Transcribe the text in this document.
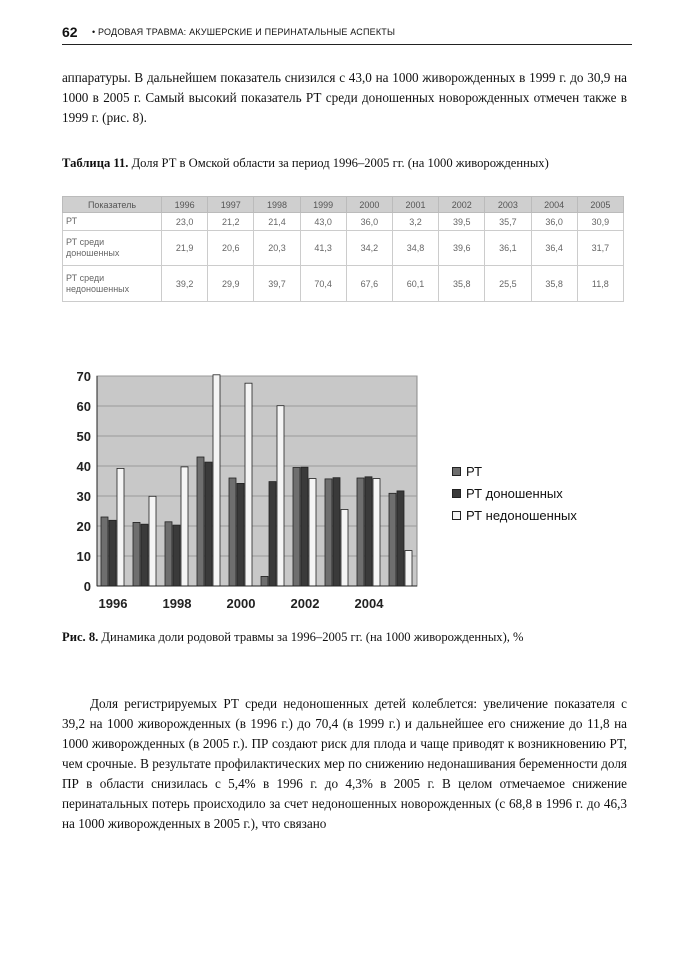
62 • РОДОВАЯ ТРАВМА: АКУШЕРСКИЕ И ПЕРИНАТАЛЬНЫЕ АСПЕКТЫ

аппаратуры. В дальнейшем показатель снизился с 43,0 на 1000 живорожденных в 1999 г. до 30,9 на 1000 в 2005 г. Самый высокий показатель РТ среди доношенных новорожденных отмечен также в 1999 г. (рис. 8).

Таблица 11. Доля РТ в Омской области за период 1996–2005 гг. (на 1000 живорожденных)

Показатель	1996	1997	1998	1999	2000	2001	2002	2003	2004	2005
РТ	23,0	21,2	21,4	43,0	36,0	3,2	39,5	35,7	36,0	30,9
РТ среди доношенных	21,9	20,6	20,3	41,3	34,2	34,8	39,6	36,1	36,4	31,7
РТ среди недоношенных	39,2	29,9	39,7	70,4	67,6	60,1	35,8	25,5	35,8	11,8
0
10
20
30
40
50
60
70
1996	1998	2000	2002	2004
РТ
РТ доношенных
РТ недоношенных

Рис. 8. Динамика доли родовой травмы за 1996–2005 гг. (на 1000 живорожденных), %

Доля регистрируемых РТ среди недоношенных детей колеблется: увеличение показателя с 39,2 на 1000 живорожденных (в 1996 г.) до 70,4 (в 1999 г.) и дальнейшее его снижение до 11,8 на 1000 живорожденных (в 2005 г.). ПР создают риск для плода и чаще приводят к возникновению РТ, чем срочные. В результате профилактических мер по снижению недонашивания беременности доля ПР в области снизилась с 5,4% в 1996 г. до 4,3% в 2005 г. В целом отмечаемое снижение перинатальных потерь происходило за счет недоношенных новорожденных (с 68,8 в 1996 г. до 46,3 на 1000 живорожденных в 2005 г.), что связано
